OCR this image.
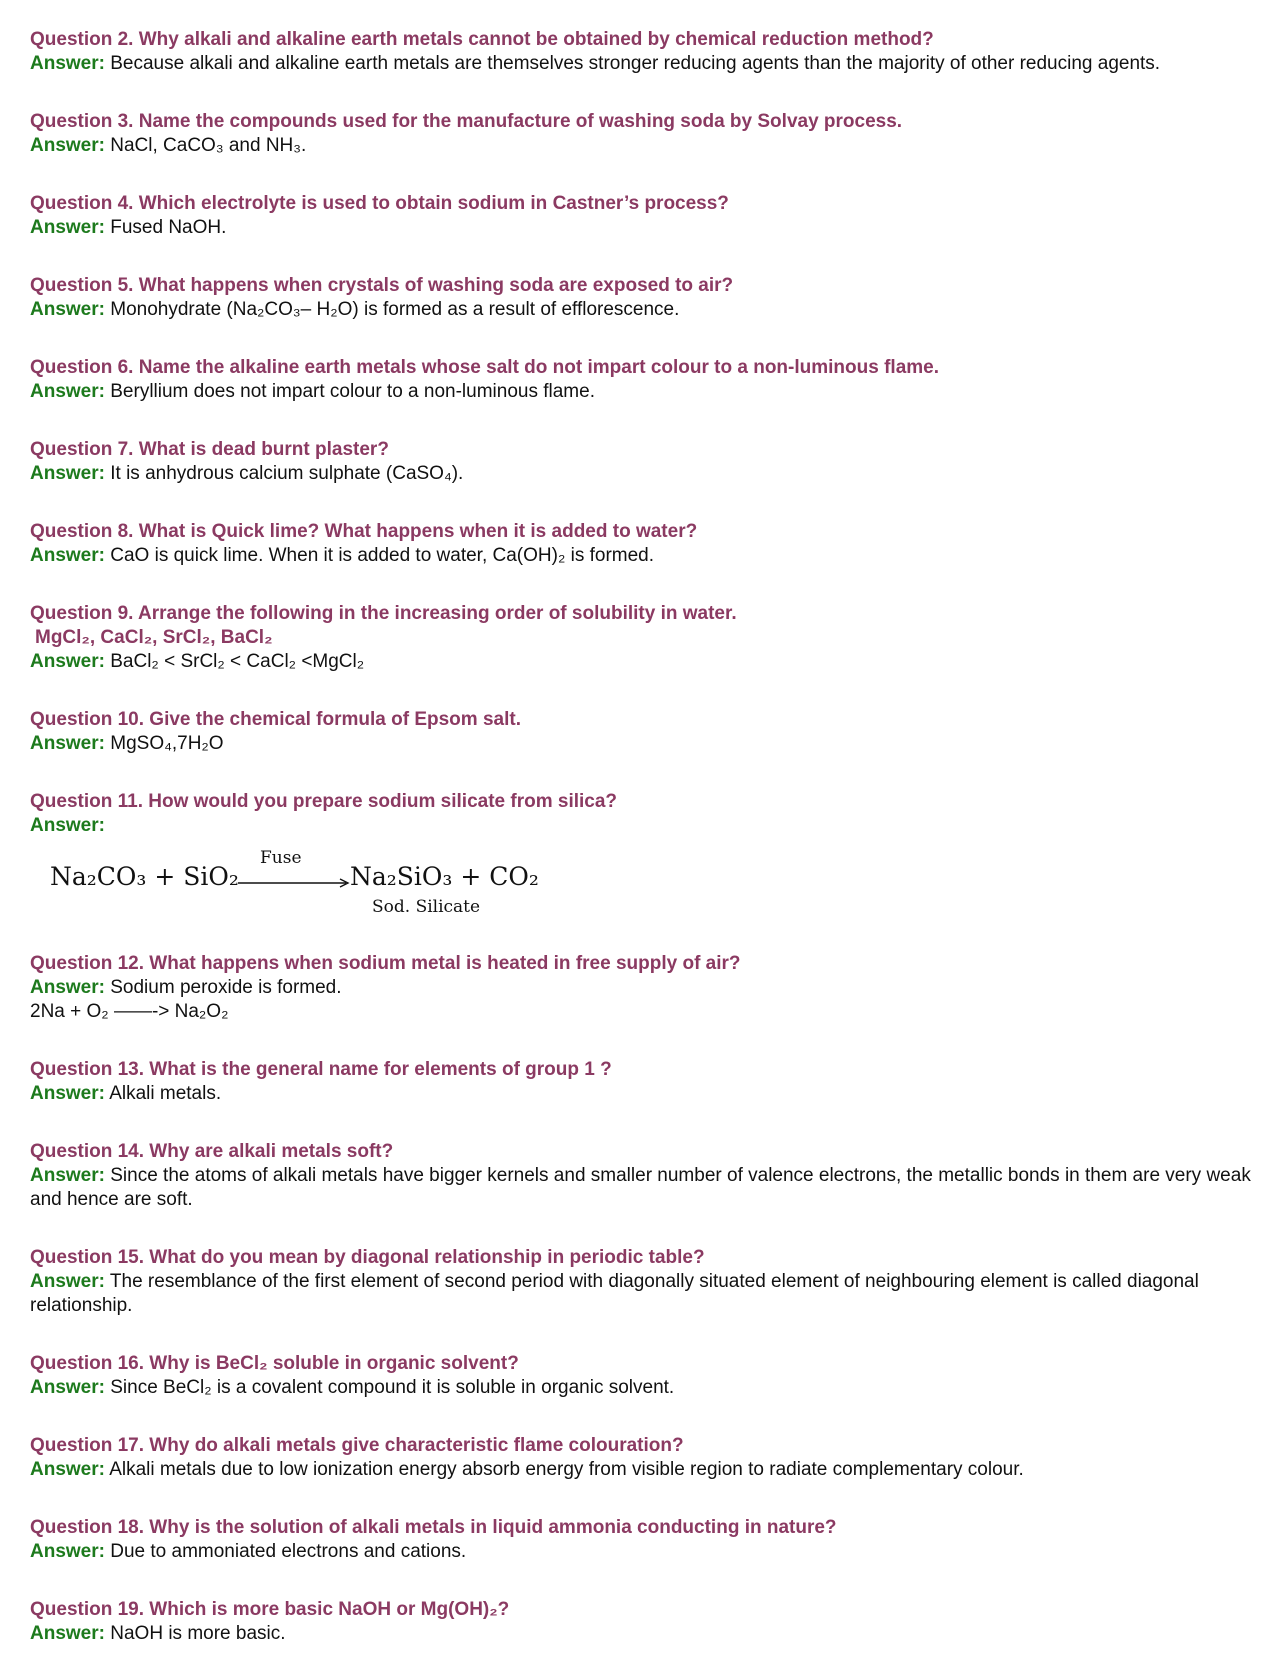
Question 2. Why alkali and alkaline earth metals cannot be obtained by chemical reduction method?
Answer: Because alkali and alkaline earth metals are themselves stronger reducing agents than the majority of other reducing agents.
Question 3. Name the compounds used for the manufacture of washing soda by Solvay process.
Answer: NaCl, CaCO₃ and NH₃.
Question 4. Which electrolyte is used to obtain sodium in Castner’s process?
Answer: Fused NaOH.
Question 5. What happens when crystals of washing soda are exposed to air?
Answer: Monohydrate (Na₂CO₃– H₂O) is formed as a result of efflorescence.
Question 6. Name the alkaline earth metals whose salt do not impart colour to a non-luminous flame.
Answer: Beryllium does not impart colour to a non-luminous flame.
Question 7. What is dead burnt plaster?
Answer: It is anhydrous calcium sulphate (CaSO₄).
Question 8. What is Quick lime? What happens when it is added to water?
Answer: CaO is quick lime. When it is added to water, Ca(OH)₂ is formed.
Question 9. Arrange the following in the increasing order of solubility in water.
MgCl₂, CaCl₂, SrCl₂, BaCl₂
Answer: BaCl₂ < SrCl₂ < CaCl₂ <MgCl₂
Question 10. Give the chemical formula of Epsom salt.
Answer: MgSO₄,7H₂O
Question 11. How would you prepare sodium silicate from silica?
Answer:
Na₂CO₃ + SiO₂
Fuse
Na₂SiO₃ + CO₂
Sod. Silicate
Question 12. What happens when sodium metal is heated in free supply of air?
Answer: Sodium peroxide is formed.
2Na + O₂ ——-> Na₂O₂
Question 13. What is the general name for elements of group 1 ?
Answer: Alkali metals.
Question 14. Why are alkali metals soft?
Answer: Since the atoms of alkali metals have bigger kernels and smaller number of valence electrons, the metallic bonds in them are very weak and hence are soft.
Question 15. What do you mean by diagonal relationship in periodic table?
Answer: The resemblance of the first element of second period with diagonally situated element of neighbouring element is called diagonal relationship.
Question 16. Why is BeCl₂ soluble in organic solvent?
Answer: Since BeCl₂ is a covalent compound it is soluble in organic solvent.
Question 17. Why do alkali metals give characteristic flame colouration?
Answer: Alkali metals due to low ionization energy absorb energy from visible region to radiate complementary colour.
Question 18. Why is the solution of alkali metals in liquid ammonia conducting in nature?
Answer: Due to ammoniated electrons and cations.
Question 19. Which is more basic NaOH or Mg(OH)₂?
Answer: NaOH is more basic.
